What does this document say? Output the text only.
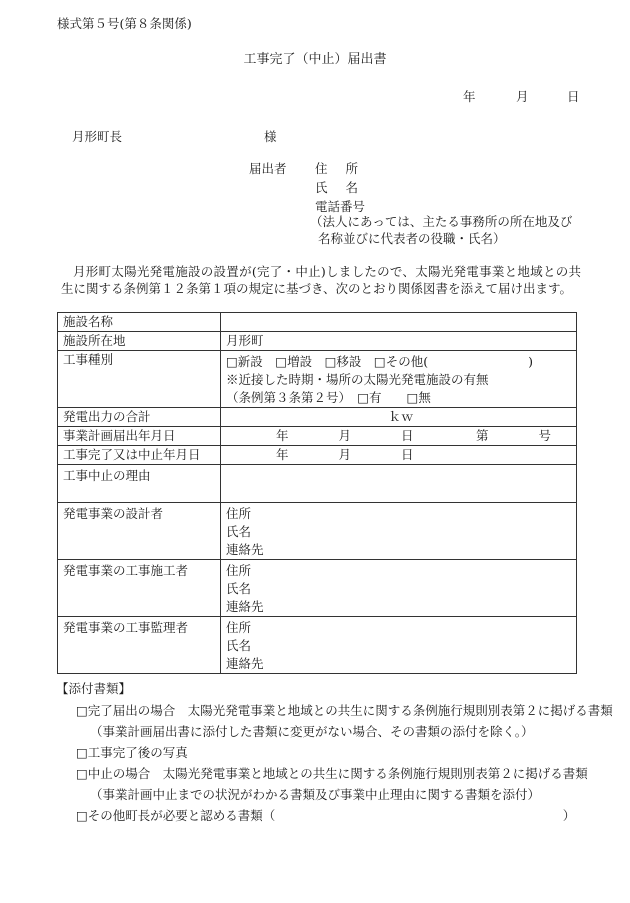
様式第５号(第８条関係)
工事完了（中止）届出書
年	月	日
月形町長	様
届出者 住所
氏名
電話番号
（法人にあっては、主たる事務所の所在地及び
名称並びに代表者の役職・氏名）
月形町太陽光発電施設の設置が(完了・中止)しましたので、太陽光発電事業と地域との共生に関する条例第１２条第１項の規定に基づき、次のとおり関係図書を添えて届け出ます。
施設名称	
施設所在地	月形町
工事種別	□新設　□増設　□移設　□その他(　　　　　　　　)
※近接した時期・場所の太陽光発電施設の有無
（条例第３条第２号）　□有　　□無

発電出力の合計	ｋｗ
事業計画届出年月日	年　　　　月　　　　日　　　　　第　　　　号
工事完了又は中止年月日	年　　　　月　　　　日
工事中止の理由	
発電事業の設計者	住所
氏名
連絡先

発電事業の工事施工者	住所
氏名
連絡先

発電事業の工事監理者	住所
氏名
連絡先
【添付書類】
□完了届出の場合　太陽光発電事業と地域との共生に関する条例施行規則別表第２に掲げる書類
（事業計画届出書に添付した書類に変更がない場合、その書類の添付を除く。）
□工事完了後の写真
□中止の場合　太陽光発電事業と地域との共生に関する条例施行規則別表第２に掲げる書類
（事業計画中止までの状況がわかる書類及び事業中止理由に関する書類を添付）
□その他町長が必要と認める書類（　　　　　　　　　　　　　　　　　　　　　　　）
